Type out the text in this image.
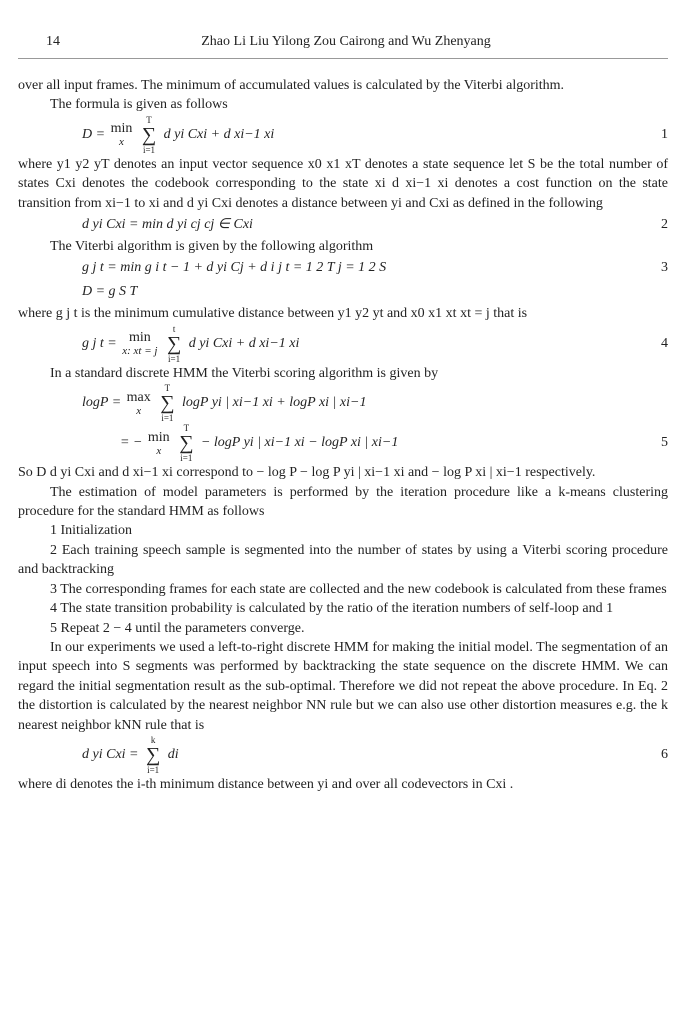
14	Zhao Li Liu Yilong Zou Cairong and Wu Zhenyang

over all input frames. The minimum of accumulated values is calculated by the Viterbi algorithm.

The formula is given as follows

D = min
x T
∑
i=1 d yi Cxi + d xi−1 xi	1

where y1 y2 yT denotes an input vector sequence x0 x1 xT denotes a state sequence let S be the total number of states Cxi denotes the codebook corresponding to the state xi d xi−1 xi denotes a cost function on the state transition from xi−1 to xi and d yi Cxi denotes a distance between yi and Cxi as defined in the following

d yi Cxi = min d yi cj cj ∈ Cxi	2

The Viterbi algorithm is given by the following algorithm

g j t = min g i t − 1 + d yi Cj + d i j t = 1 2 T j = 1 2 S	3
D = g S T

where g j t is the minimum cumulative distance between y1 y2 yt and x0 x1 xt xt = j that is

g j t = min
x: xt = j t
∑
i=1 d yi Cxi + d xi−1 xi	4

In a standard discrete HMM the Viterbi scoring algorithm is given by

logP = max
x T
∑
i=1 logP yi | xi−1 xi + logP xi | xi−1
= − min
x T
∑
i=1 − logP yi | xi−1 xi − logP xi | xi−1	5

So D d yi Cxi and d xi−1 xi correspond to − log P − log P yi | xi−1 xi and − log P xi | xi−1 respectively.

The estimation of model parameters is performed by the iteration procedure like a k-means clustering procedure for the standard HMM as follows

1 Initialization

2 Each training speech sample is segmented into the number of states by using a Viterbi scoring procedure and backtracking

3 The corresponding frames for each state are collected and the new codebook is calculated from these frames

4 The state transition probability is calculated by the ratio of the iteration numbers of self-loop and 1

5 Repeat 2 − 4 until the parameters converge.

In our experiments we used a left-to-right discrete HMM for making the initial model. The segmentation of an input speech into S segments was performed by backtracking the state sequence on the discrete HMM. We can regard the initial segmentation result as the sub-optimal. Therefore we did not repeat the above procedure. In Eq. 2 the distortion is calculated by the nearest neighbor NN rule but we can also use other distortion measures e.g. the k nearest neighbor kNN rule that is

d yi Cxi = k
∑
i=1 di	6

where di denotes the i-th minimum distance between yi and over all codevectors in Cxi .
